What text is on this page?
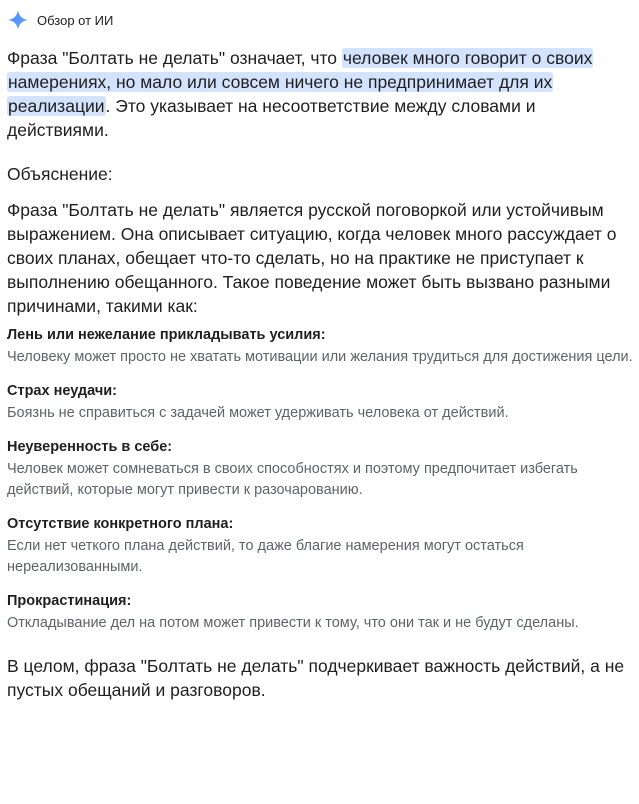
Обзор от ИИ

Фраза "Болтать не делать" означает, что человек много говорит о своих намерениях, но мало или совсем ничего не предпринимает для их реализации. Это указывает на несоответствие между словами и действиями.

Объяснение:

Фраза "Болтать не делать" является русской поговоркой или устойчивым выражением. Она описывает ситуацию, когда человек много рассуждает о своих планах, обещает что-то сделать, но на практике не приступает к выполнению обещанного. Такое поведение может быть вызвано разными причинами, такими как:

Лень или нежелание прикладывать усилия:

Человеку может просто не хватать мотивации или желания трудиться для достижения цели.

Страх неудачи:

Боязнь не справиться с задачей может удерживать человека от действий.

Неуверенность в себе:

Человек может сомневаться в своих способностях и поэтому предпочитает избегать действий, которые могут привести к разочарованию.

Отсутствие конкретного плана:

Если нет четкого плана действий, то даже благие намерения могут остаться нереализованными.

Прокрастинация:

Откладывание дел на потом может привести к тому, что они так и не будут сделаны.

В целом, фраза "Болтать не делать" подчеркивает важность действий, а не пустых обещаний и разговоров.
